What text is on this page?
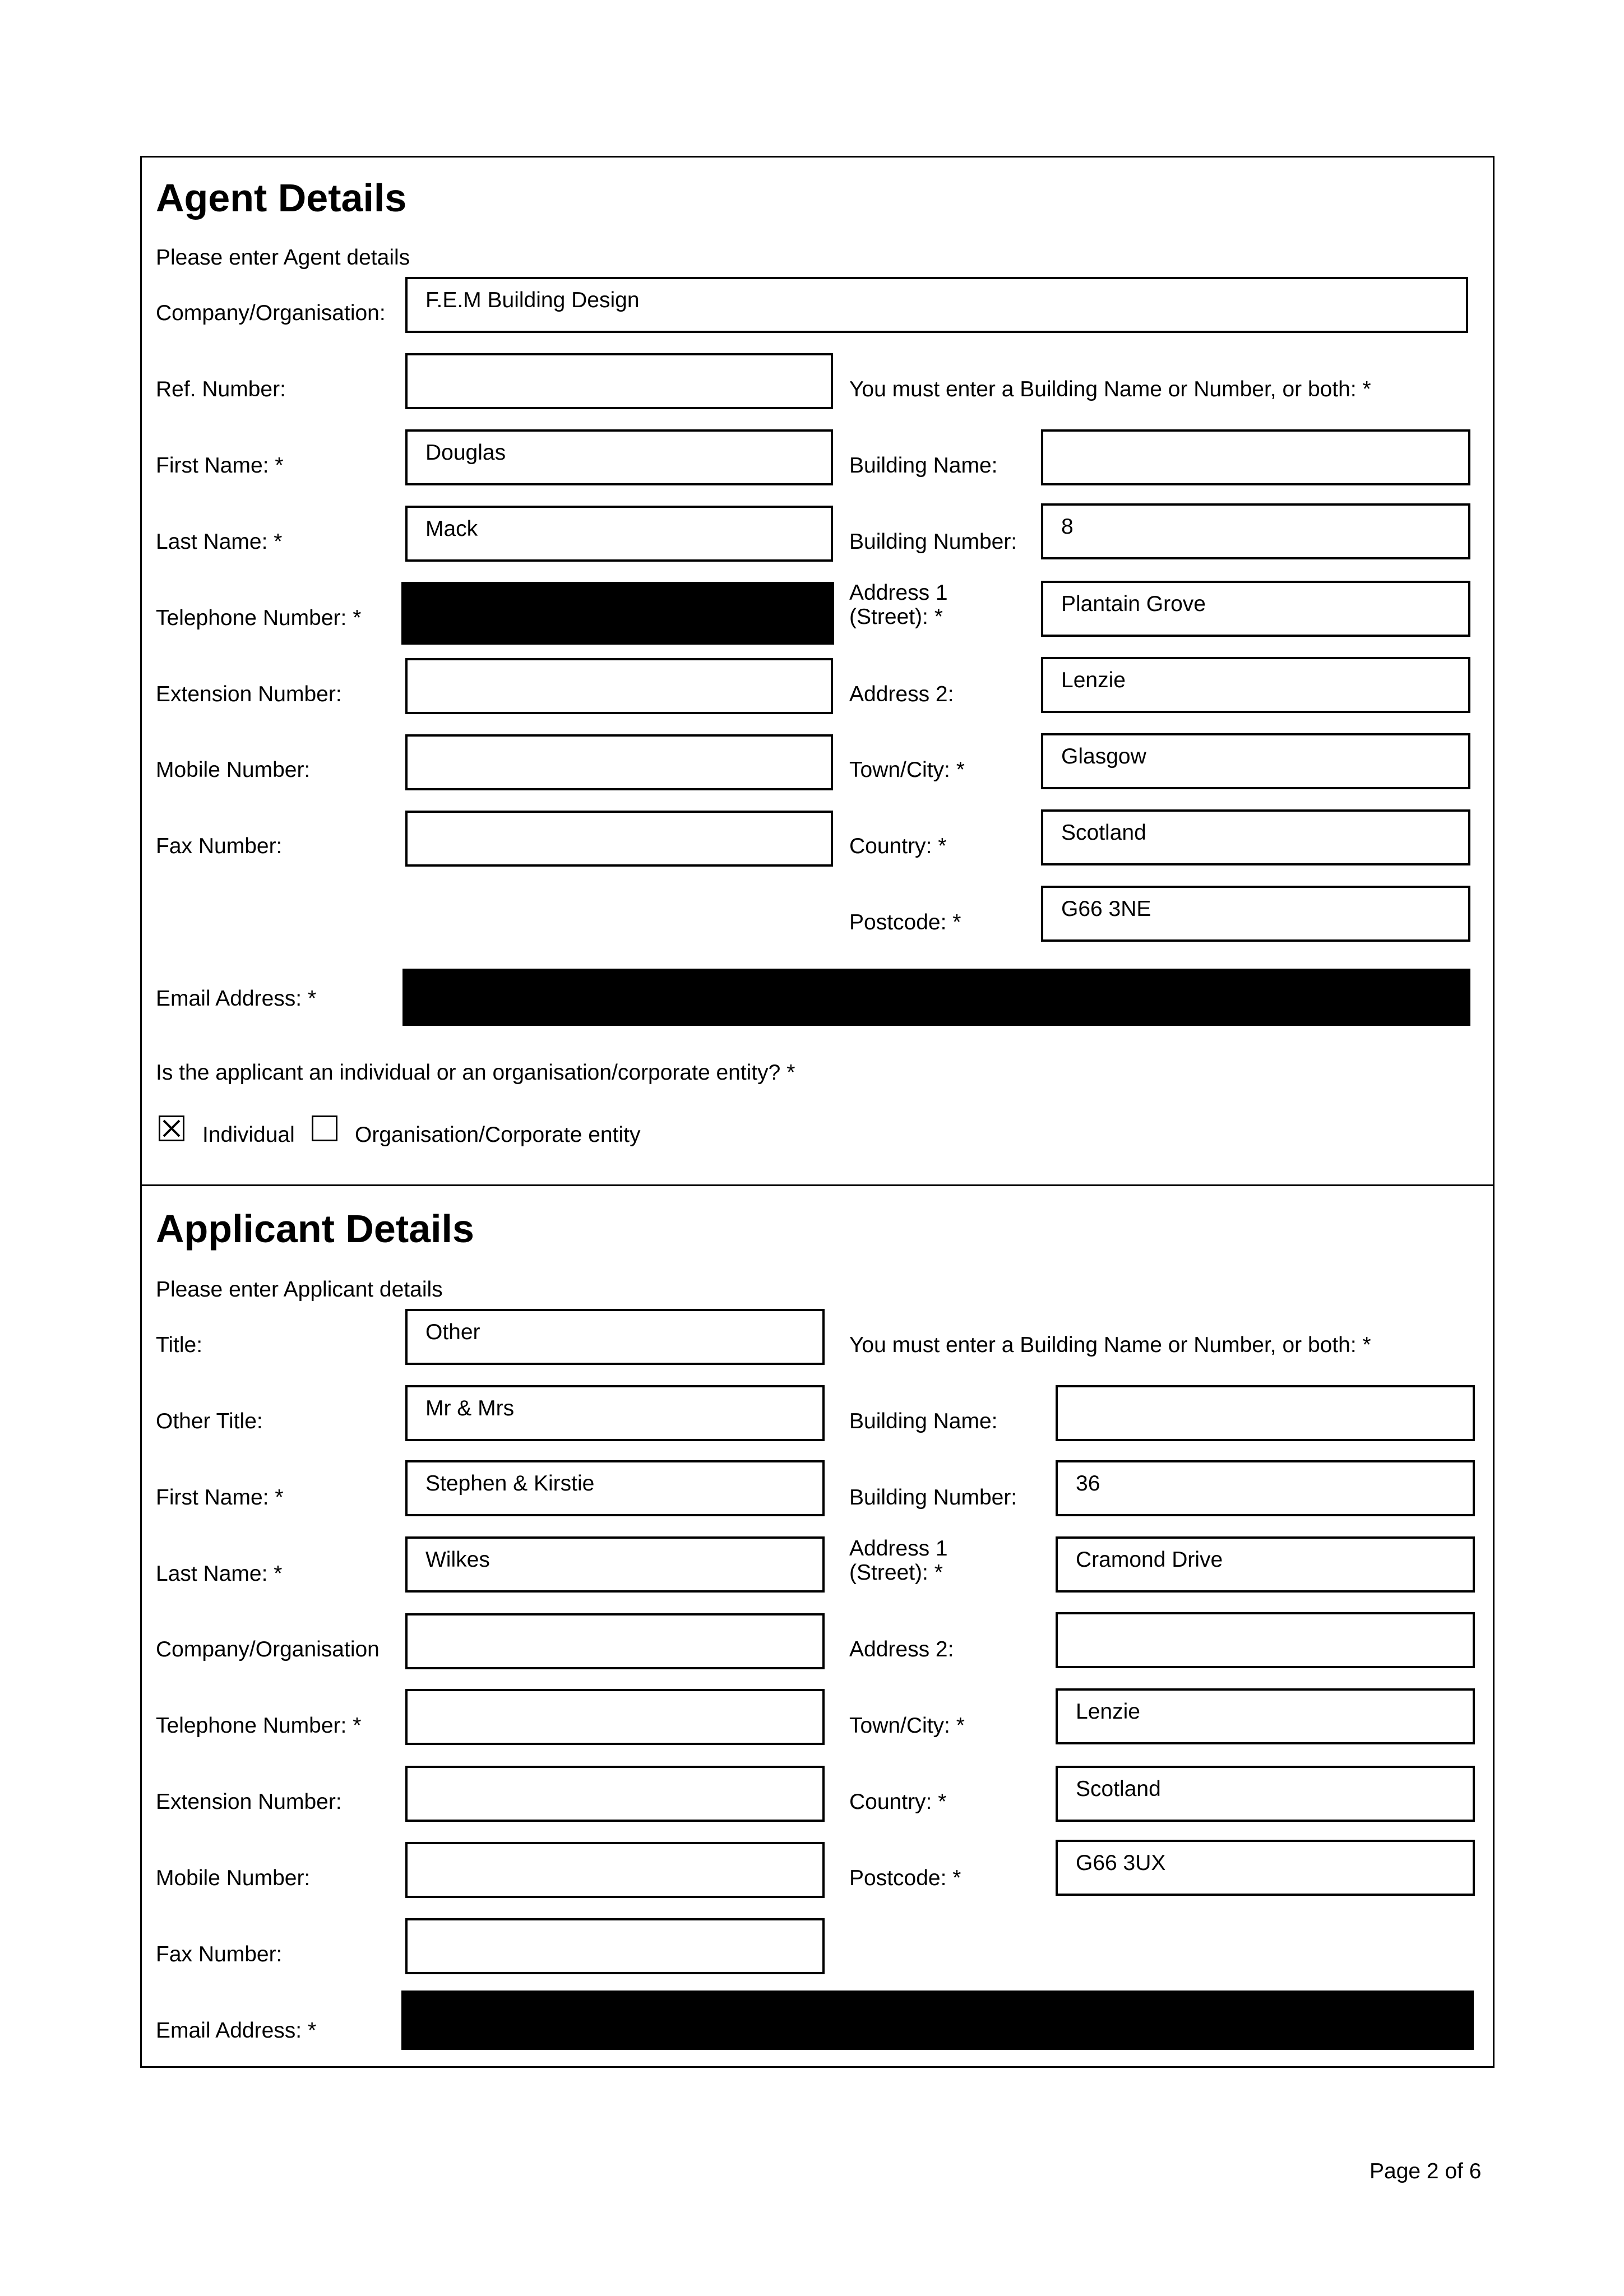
Agent Details
Please enter Agent details
Company/Organisation:
F.E.M Building Design
Ref. Number:
First Name: *
Douglas
Last Name: *
Mack
Telephone Number: *
Extension Number:
Mobile Number:
Fax Number:
You must enter a Building Name or Number, or both: *
Building Name:
Building Number:
8
Address 1
(Street): *
Plantain Grove
Address 2:
Lenzie
Town/City: *
Glasgow
Country: *
Scotland
Postcode: *
G66 3NE
Email Address: *
Is the applicant an individual or an organisation/corporate entity? *
Individual	Organisation/Corporate entity
Applicant Details
Please enter Applicant details
Title:
Other
Other Title:
Mr & Mrs
First Name: *
Stephen & Kirstie
Last Name: *
Wilkes
Company/Organisation
Telephone Number: *
Extension Number:
Mobile Number:
Fax Number:
You must enter a Building Name or Number, or both: *
Building Name:
Building Number:
36
Address 1
(Street): *
Cramond Drive
Address 2:
Town/City: *
Lenzie
Country: *
Scotland
Postcode: *
G66 3UX
Email Address: *
Page 2 of 6
